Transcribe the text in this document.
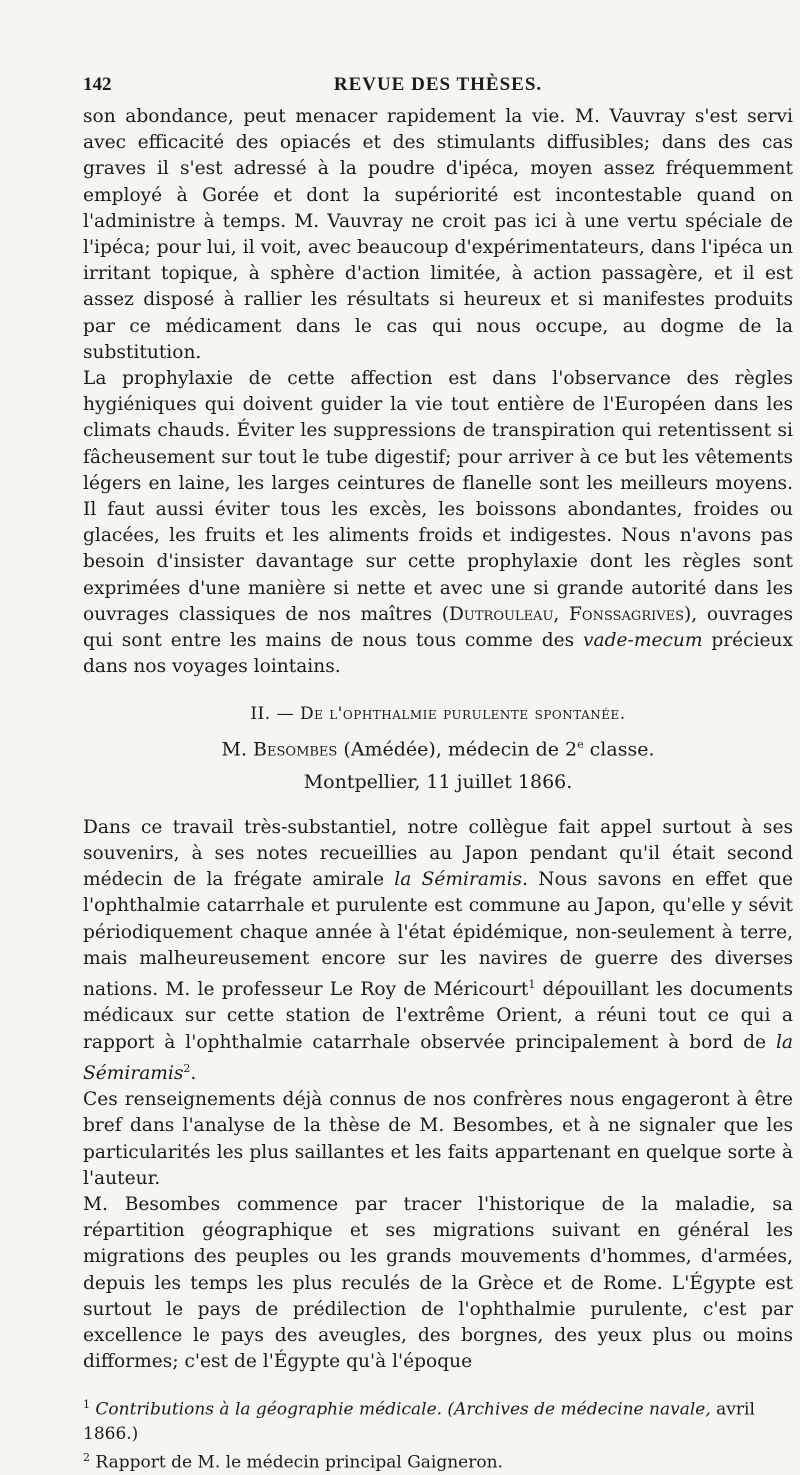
142	REVUE DES THÈSES.

son abondance, peut menacer rapidement la vie. M. Vauvray s'est servi avec efficacité des opiacés et des stimulants diffusibles; dans des cas graves il s'est adressé à la poudre d'ipéca, moyen assez fréquemment employé à Gorée et dont la supériorité est incontestable quand on l'administre à temps. M. Vauvray ne croit pas ici à une vertu spéciale de l'ipéca; pour lui, il voit, avec beaucoup d'expérimentateurs, dans l'ipéca un irritant topique, à sphère d'action limitée, à action passagère, et il est assez disposé à rallier les résultats si heureux et si manifestes produits par ce médicament dans le cas qui nous occupe, au dogme de la substitution.

La prophylaxie de cette affection est dans l'observance des règles hygiéniques qui doivent guider la vie tout entière de l'Européen dans les climats chauds. Éviter les suppressions de transpiration qui retentissent si fâcheusement sur tout le tube digestif; pour arriver à ce but les vêtements légers en laine, les larges ceintures de flanelle sont les meilleurs moyens. Il faut aussi éviter tous les excès, les boissons abondantes, froides ou glacées, les fruits et les aliments froids et indigestes. Nous n'avons pas besoin d'insister davantage sur cette prophylaxie dont les règles sont exprimées d'une manière si nette et avec une si grande autorité dans les ouvrages classiques de nos maîtres (Dutrouleau, Fonssagrives), ouvrages qui sont entre les mains de nous tous comme des vade-mecum précieux dans nos voyages lointains.

II. — De l'ophthalmie purulente spontanée.
M. Besombes (Amédée), médecin de 2e classe.
Montpellier, 11 juillet 1866.

Dans ce travail très-substantiel, notre collègue fait appel surtout à ses souvenirs, à ses notes recueillies au Japon pendant qu'il était second médecin de la frégate amirale la Sémiramis. Nous savons en effet que l'ophthalmie catarrhale et purulente est commune au Japon, qu'elle y sévit périodiquement chaque année à l'état épidémique, non-seulement à terre, mais malheureusement encore sur les navires de guerre des diverses nations. M. le professeur Le Roy de Méricourt$^1$ dépouillant les documents médicaux sur cette station de l'extrême Orient, a réuni tout ce qui a rapport à l'ophthalmie catarrhale observée principalement à bord de la Sémiramis$^2$.

Ces renseignements déjà connus de nos confrères nous engageront à être bref dans l'analyse de la thèse de M. Besombes, et à ne signaler que les particularités les plus saillantes et les faits appartenant en quelque sorte à l'auteur.

M. Besombes commence par tracer l'historique de la maladie, sa répartition géographique et ses migrations suivant en général les migrations des peuples ou les grands mouvements d'hommes, d'armées, depuis les temps les plus reculés de la Grèce et de Rome. L'Égypte est surtout le pays de prédilection de l'ophthalmie purulente, c'est par excellence le pays des aveugles, des borgnes, des yeux plus ou moins difformes; c'est de l'Égypte qu'à l'époque

$^1$ Contributions à la géographie médicale. (Archives de médecine navale, avril 1866.)

$^2$ Rapport de M. le médecin principal Gaigneron.
